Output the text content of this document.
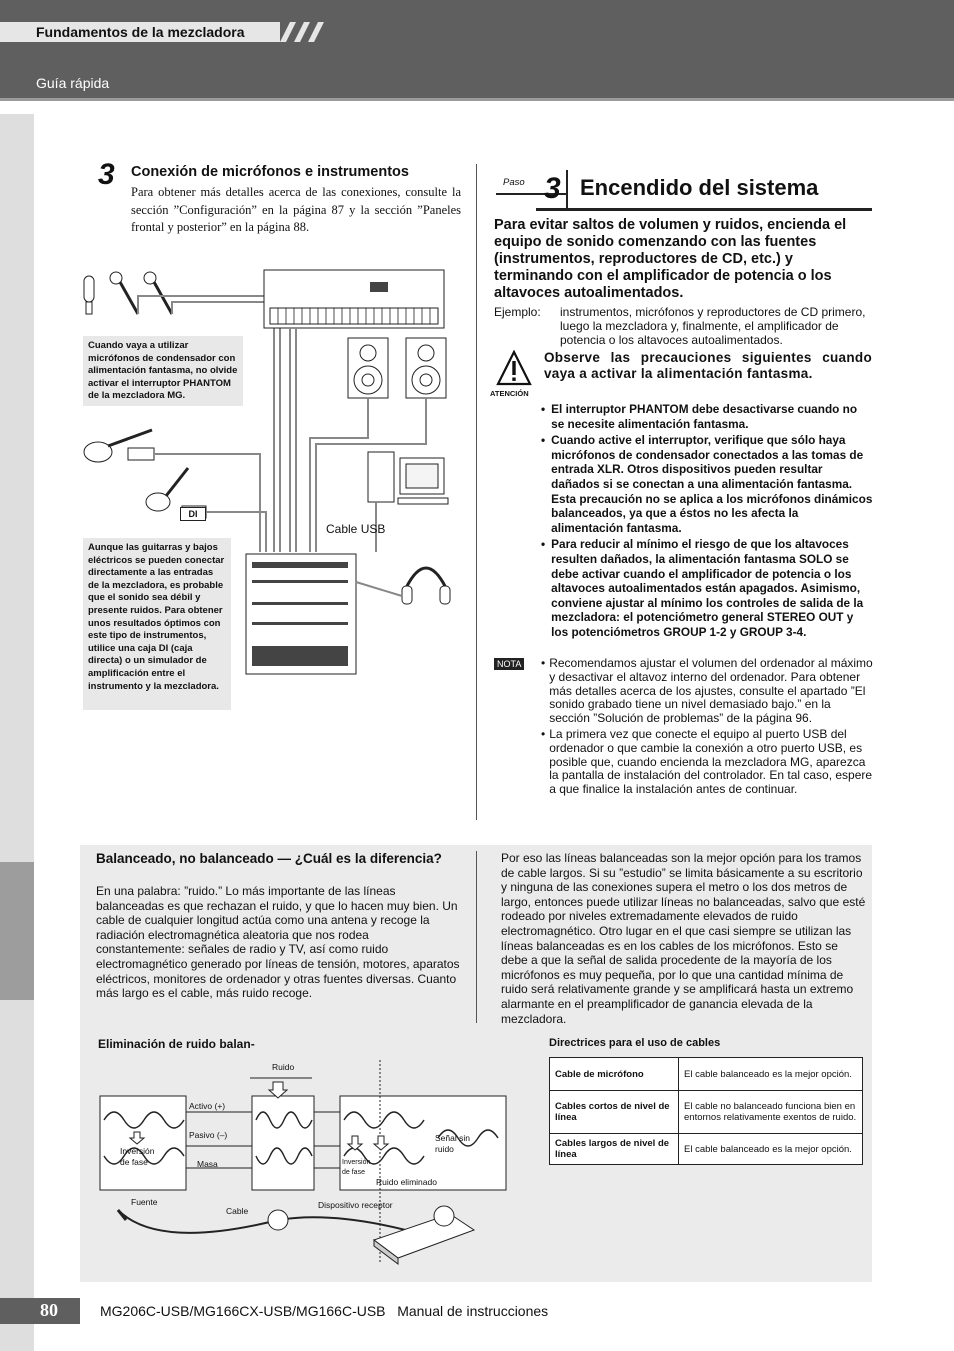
Fundamentos de la mezcladora
Guía rápida
3 Conexión de micrófonos e instrumentos
Para obtener más detalles acerca de las conexiones, consulte la sección ”Configuración” en la página 87 y la sección ”Paneles frontal y posterior” en la página 88.
Cuando vaya a utilizar micrófonos de condensador con alimentación fantasma, no olvide activar el interruptor PHANTOM de la mezcladora MG.
DI
Cable USB
Aunque las guitarras y bajos eléctricos se pueden conectar directamente a las entradas de la mezcladora, es probable que el sonido sea débil y presente ruidos. Para obtener unos resultados óptimos con este tipo de instrumentos, utilice una caja DI (caja directa) o un simulador de amplificación entre el instrumento y la mezcladora.
Paso 3 Encendido del sistema
Para evitar saltos de volumen y ruidos, encienda el equipo de sonido comenzando con las fuentes (instrumentos, reproductores de CD, etc.) y terminando con el amplificador de potencia o los altavoces autoalimentados.
Ejemplo: instrumentos, micrófonos y reproductores de CD primero, luego la mezcladora y, finalmente, el amplificador de potencia o los altavoces autoalimentados.
ATENCIÓN
Observe las precauciones siguientes cuando vaya a activar la alimentación fantasma.
• El interruptor PHANTOM debe desactivarse cuando no se necesite alimentación fantasma.
• Cuando active el interruptor, verifique que sólo haya micrófonos de condensador conectados a las tomas de entrada XLR. Otros dispositivos pueden resultar dañados si se conectan a una alimentación fantasma. Esta precaución no se aplica a los micrófonos dinámicos balanceados, ya que a éstos no les afecta la alimentación fantasma.
• Para reducir al mínimo el riesgo de que los altavoces resulten dañados, la alimentación fantasma SOLO se debe activar cuando el amplificador de potencia o los altavoces autoalimentados están apagados. Asimismo, conviene ajustar al mínimo los controles de salida de la mezcladora: el potenciómetro general STEREO OUT y los potenciómetros GROUP 1-2 y GROUP 3-4.
NOTA • Recomendamos ajustar el volumen del ordenador al máximo y desactivar el altavoz interno del ordenador. Para obtener más detalles acerca de los ajustes, consulte el apartado ”El sonido grabado tiene un nivel demasiado bajo.” en la sección ”Solución de problemas” de la página 96.
• La primera vez que conecte el equipo al puerto USB del ordenador o que cambie la conexión a otro puerto USB, es posible que, cuando encienda la mezcladora MG, aparezca la pantalla de instalación del controlador. En tal caso, espere a que finalice la instalación antes de continuar.
Balanceado, no balanceado — ¿Cuál es la diferencia?
En una palabra: ”ruido.” Lo más importante de las líneas balanceadas es que rechazan el ruido, y que lo hacen muy bien. Un cable de cualquier longitud actúa como una antena y recoge la radiación electromagnética aleatoria que nos rodea constantemente: señales de radio y TV, así como ruido electromagnético generado por líneas de tensión, motores, aparatos eléctricos, monitores de ordenador y otras fuentes diversas. Cuanto más largo es el cable, más ruido recoge.
Por eso las líneas balanceadas son la mejor opción para los tramos de cable largos. Si su ”estudio” se limita básicamente a su escritorio y ninguna de las conexiones supera el metro o los dos metros de largo, entonces puede utilizar líneas no balanceadas, salvo que esté rodeado por niveles extremadamente elevados de ruido electromagnético. Otro lugar en el que casi siempre se utilizan las líneas balanceadas es en los cables de los micrófonos. Esto se debe a que la señal de salida procedente de la mayoría de los micrófonos es muy pequeña, por lo que una cantidad mínima de ruido será relativamente grande y se amplificará hasta un extremo alarmante en el preamplificador de ganancia elevada de la mezcladora.
Eliminación de ruido balan-
Ruido
Activo (+)
Pasivo (–)
Masa
Inversión de fase	Inversión de fase
Señal sin ruido
Ruido eliminado
Fuente
Cable
Dispositivo receptor
Directrices para el uso de cables
Cable de micrófono	El cable balanceado es la mejor opción.
Cables cortos de nivel de línea	El cable no balanceado funciona bien en entornos relativamente exentos de ruido.
Cables largos de nivel de línea	El cable balanceado es la mejor opción.
80	MG206C-USB/MG166CX-USB/MG166C-USB   Manual de instrucciones
